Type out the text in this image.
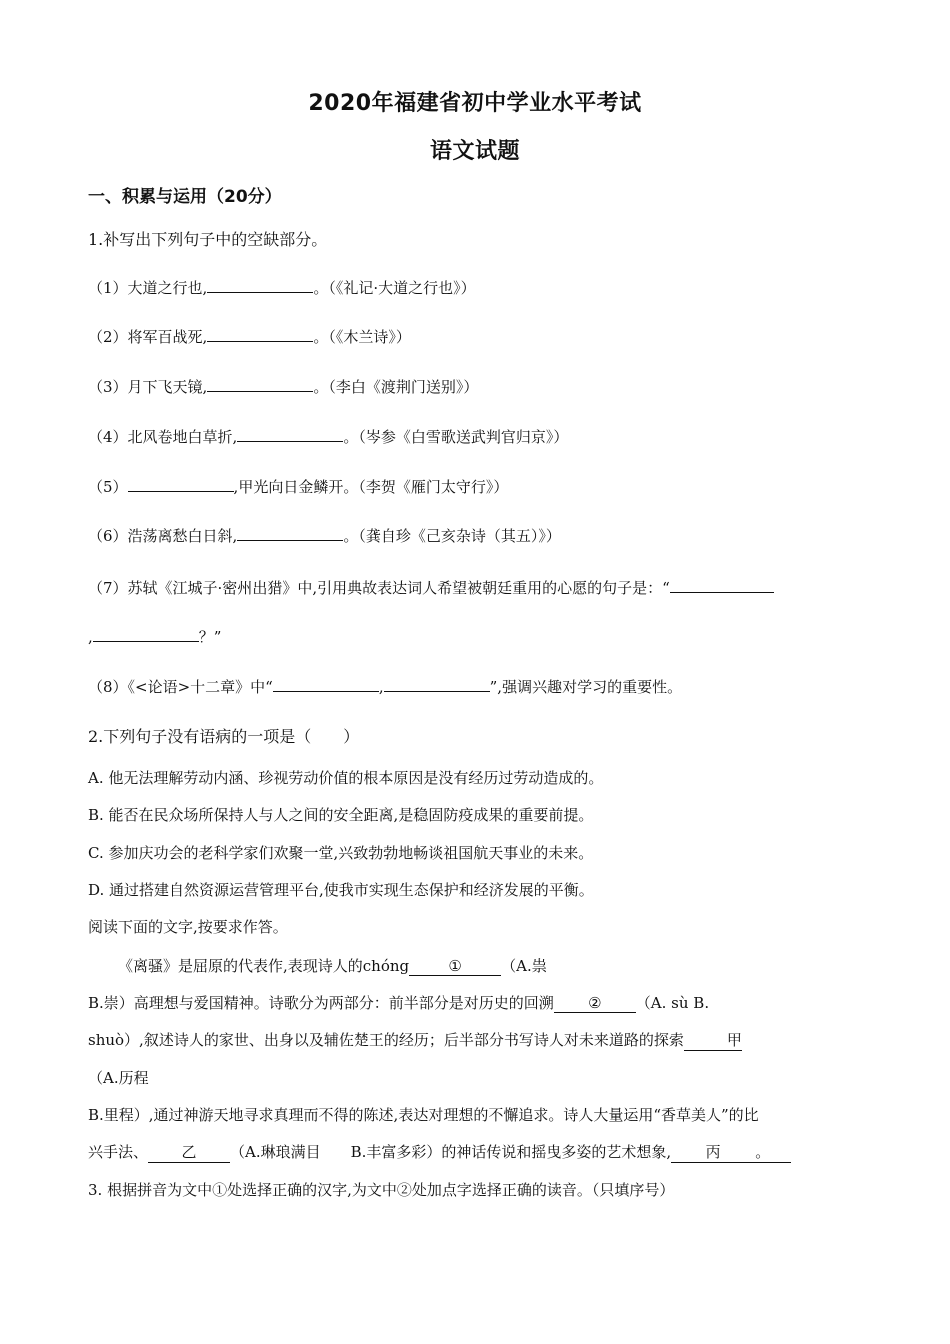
2020年福建省初中学业水平考试
语文试题
一、积累与运用（20分）
1.补写出下列句子中的空缺部分。
（1）大道之行也,	。（《礼记·大道之行也》）
（2）将军百战死,	。（《木兰诗》）
（3）月下飞天镜,	。（李白《渡荆门送别》）
（4）北风卷地白草折,	。（岑参《白雪歌送武判官归京》）
（5）	,甲光向日金鳞开。（李贺《雁门太守行》）
（6）浩荡离愁白日斜,	。（龚自珍《己亥杂诗（其五）》）
（7）苏轼《江城子·密州出猎》中,引用典故表达词人希望被朝廷重用的心愿的句子是：“
,	？”
（8）《<论语>十二章》中“	,	”,强调兴趣对学习的重要性。
2.下列句子没有语病的一项是（　　）
A. 他无法理解劳动内涵、珍视劳动价值的根本原因是没有经历过劳动造成的。
B. 能否在民众场所保持人与人之间的安全距离,是稳固防疫成果的重要前提。
C. 参加庆功会的老科学家们欢聚一堂,兴致勃勃地畅谈祖国航天事业的未来。
D. 通过搭建自然资源运营管理平台,使我市实现生态保护和经济发展的平衡。
阅读下面的文字,按要求作答。
《离骚》是屈原的代表作,表现诗人的chóng	①	（A.祟
B.崇）高理想与爱国精神。诗歌分为两部分：前半部分是对历史的回溯 ② （A. sù B.
shuò）,叙述诗人的家世、出身以及辅佐楚王的经历；后半部分书写诗人对未来道路的探索	甲
（A.历程
B.里程）,通过神游天地寻求真理而不得的陈述,表达对理想的不懈追求。诗人大量运用“香草美人”的比
兴手法、 乙 （A.琳琅满目　　B.丰富多彩）的神话传说和摇曳多姿的艺术想象, 丙 。
3. 根据拼音为文中①处选择正确的汉字,为文中②处加点字选择正确的读音。（只填序号）
